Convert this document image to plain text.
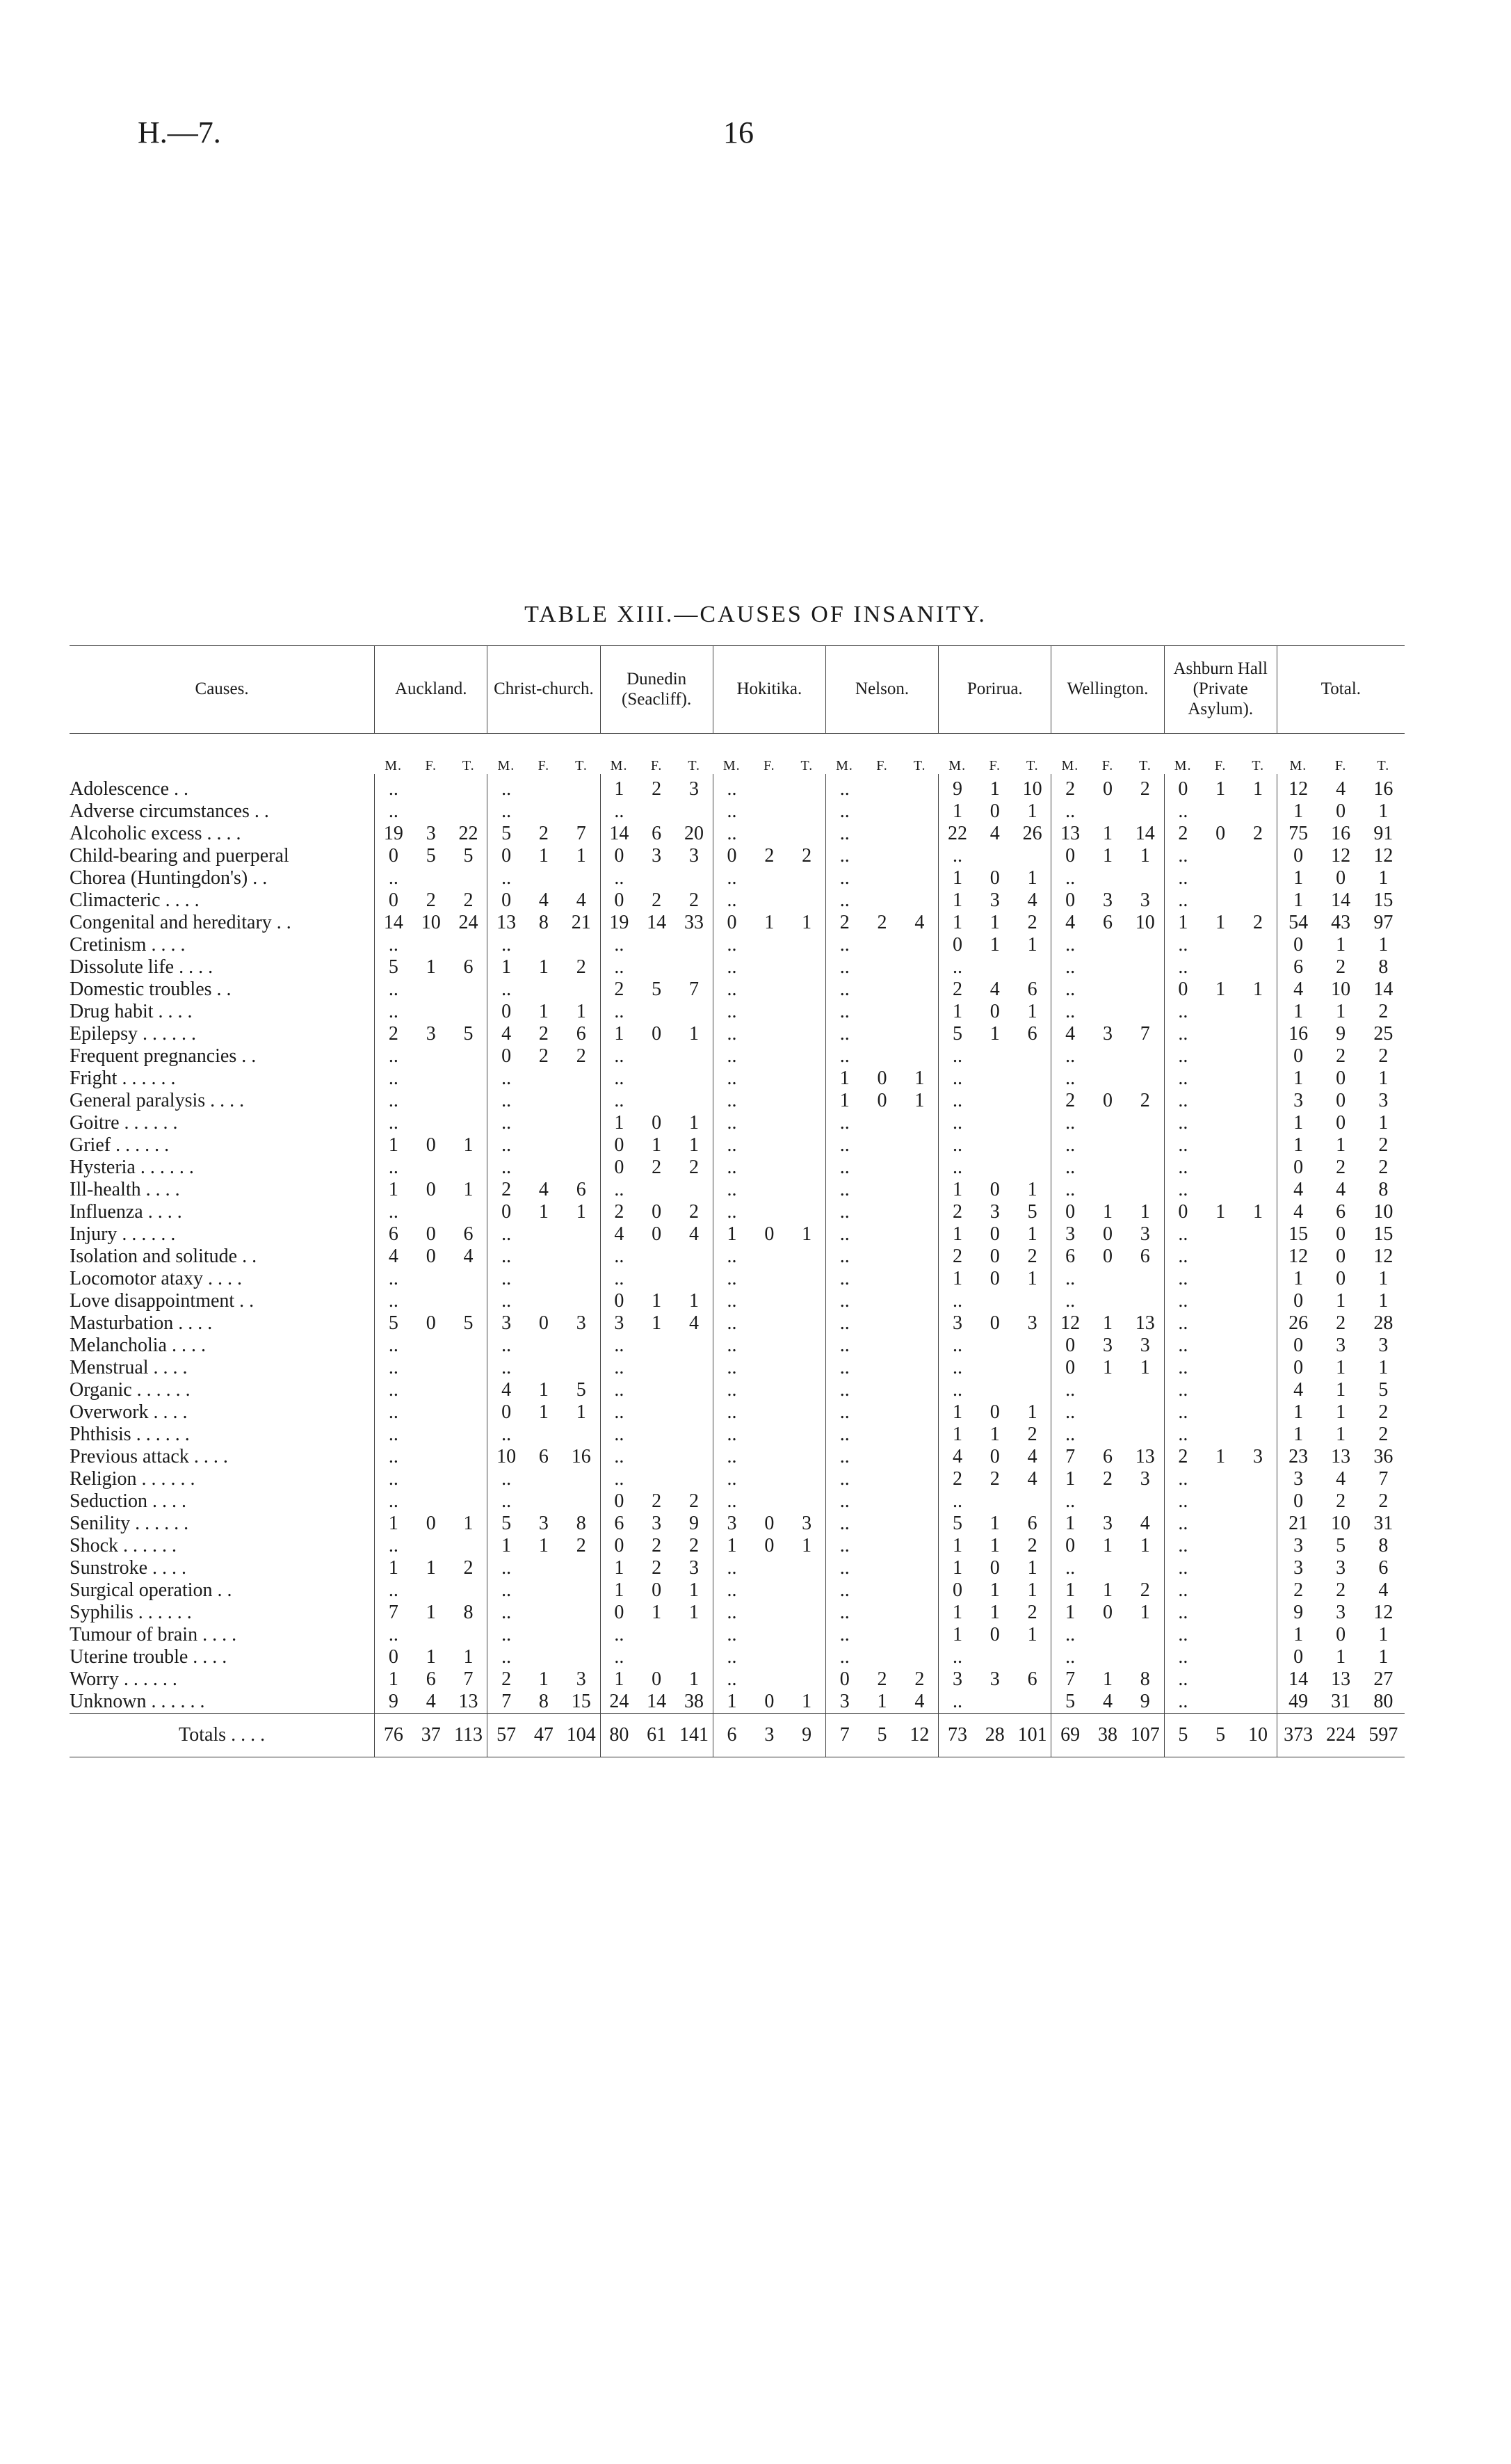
H.—7.	16
TABLE XIII.—CAUSES OF INSANITY.
Causes.	Auckland.			Christ-church.			Dunedin (Seacliff).			Hokitika.			Nelson.			Porirua.			Wellington.			Ashburn Hall (Private Asylum).			Total.		
	M.	F.	T.	M.	F.	T.	M.	F.	T.	M.	F.	T.	M.	F.	T.	M.	F.	T.	M.	F.	T.	M.	F.	T.	M.	F.	T.
Adolescence . .	..			..			1	2	3	..			..			9	1	10	2	0	2	0	1	1	12	4	16
Adverse circumstances . .	..			..			..			..			..			1	0	1	..			..			1	0	1
Alcoholic excess . . . .	19	3	22	5	2	7	14	6	20	..			..			22	4	26	13	1	14	2	0	2	75	16	91
Child-bearing and puerperal	0	5	5	0	1	1	0	3	3	0	2	2	..			..			0	1	1	..			0	12	12
Chorea (Huntingdon's) . .	..			..			..			..			..			1	0	1	..			..			1	0	1
Climacteric . . . .	0	2	2	0	4	4	0	2	2	..			..			1	3	4	0	3	3	..			1	14	15
Congenital and hereditary . .	14	10	24	13	8	21	19	14	33	0	1	1	2	2	4	1	1	2	4	6	10	1	1	2	54	43	97
Cretinism . . . .	..			..			..			..			..			0	1	1	..			..			0	1	1
Dissolute life . . . .	5	1	6	1	1	2	..			..			..			..			..			..			6	2	8
Domestic troubles . .	..			..			2	5	7	..			..			2	4	6	..			0	1	1	4	10	14
Drug habit . . . .	..			0	1	1	..			..			..			1	0	1	..			..			1	1	2
Epilepsy . . . . . .	2	3	5	4	2	6	1	0	1	..			..			5	1	6	4	3	7	..			16	9	25
Frequent pregnancies . .	..			0	2	2	..			..			..			..			..			..			0	2	2
Fright . . . . . .	..			..			..			..			1	0	1	..			..			..			1	0	1
General paralysis . . . .	..			..			..			..			1	0	1	..			2	0	2	..			3	0	3
Goitre . . . . . .	..			..			1	0	1	..			..			..			..			..			1	0	1
Grief . . . . . .	1	0	1	..			0	1	1	..			..			..			..			..			1	1	2
Hysteria . . . . . .	..			..			0	2	2	..			..			..			..			..			0	2	2
Ill-health . . . .	1	0	1	2	4	6	..			..			..			1	0	1	..			..			4	4	8
Influenza . . . .	..			0	1	1	2	0	2	..			..			2	3	5	0	1	1	0	1	1	4	6	10
Injury . . . . . .	6	0	6	..			4	0	4	1	0	1	..			1	0	1	3	0	3	..			15	0	15
Isolation and solitude . .	4	0	4	..			..			..			..			2	0	2	6	0	6	..			12	0	12
Locomotor ataxy . . . .	..			..			..			..			..			1	0	1	..			..			1	0	1
Love disappointment . .	..			..			0	1	1	..			..			..			..			..			0	1	1
Masturbation . . . .	5	0	5	3	0	3	3	1	4	..			..			3	0	3	12	1	13	..			26	2	28
Melancholia . . . .	..			..			..			..			..			..			0	3	3	..			0	3	3
Menstrual . . . .	..			..			..			..			..			..			0	1	1	..			0	1	1
Organic . . . . . .	..			4	1	5	..			..			..			..			..			..			4	1	5
Overwork . . . .	..			0	1	1	..			..			..			1	0	1	..			..			1	1	2
Phthisis . . . . . .	..			..			..			..			..			1	1	2	..			..			1	1	2
Previous attack . . . .	..			10	6	16	..			..			..			4	0	4	7	6	13	2	1	3	23	13	36
Religion . . . . . .	..			..			..			..			..			2	2	4	1	2	3	..			3	4	7
Seduction . . . .	..			..			0	2	2	..			..			..			..			..			0	2	2
Senility . . . . . .	1	0	1	5	3	8	6	3	9	3	0	3	..			5	1	6	1	3	4	..			21	10	31
Shock . . . . . .	..			1	1	2	0	2	2	1	0	1	..			1	1	2	0	1	1	..			3	5	8
Sunstroke . . . .	1	1	2	..			1	2	3	..			..			1	0	1	..			..			3	3	6
Surgical operation . .	..			..			1	0	1	..			..			0	1	1	1	1	2	..			2	2	4
Syphilis . . . . . .	7	1	8	..			0	1	1	..			..			1	1	2	1	0	1	..			9	3	12
Tumour of brain . . . .	..			..			..			..			..			1	0	1	..			..			1	0	1
Uterine trouble . . . .	0	1	1	..			..			..			..			..			..			..			0	1	1
Worry . . . . . .	1	6	7	2	1	3	1	0	1	..			0	2	2	3	3	6	7	1	8	..			14	13	27
Unknown . . . . . .	9	4	13	7	8	15	24	14	38	1	0	1	3	1	4	..			5	4	9	..			49	31	80
Totals . . . .	76	37	113	57	47	104	80	61	141	6	3	9	7	5	12	73	28	101	69	38	107	5	5	10	373	224	597
